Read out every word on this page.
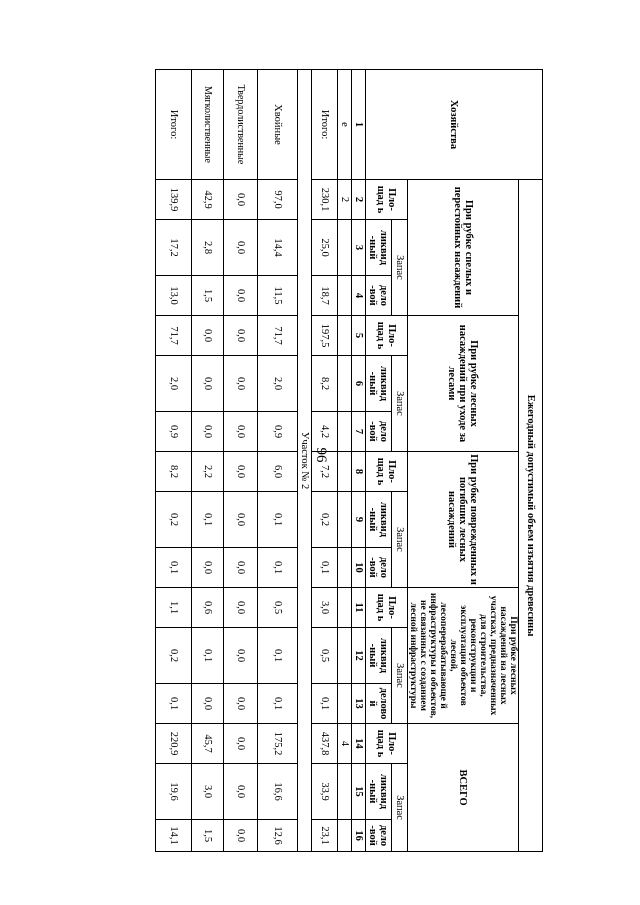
Хозяйства	Ежегодный допустимый объем изъятия древесины														
	При рубке спелых и перестойных насаждений			При рубке лесных насаждений при уходе за лесами			При рубке поврежденных и погибших лесных насаждений			При рубке лесных насаждений на лесных участках, предназначенных для строительства, реконструкции и эксплуатации объектов лесной, лесоперерабатывающе й инфраструктуры и объектов, не связанных с созданием лесной инфраструктуры			ВСЕГО		
	Пло-щад ь	Запас		Пло-щад ь	Запас		Пло-щад ь	Запас		Пло-щад ь	Запас		Пло-щад ь	Запас	
		ликвид -ный	дело -вой		ликвид -ный	дело -вой		ликвид -ный	дело -вой		ликвид -ный	делово й		ликвид -ный	дело -вой
1	2	3	4	5	6	7	8	9	10	11	12	13	14	15	16
е	2												4		
Итого:	230,1	25,0	18,7	197,5	8,2	4,2	7,2	0,2	0,1	3,0	0,5	0,1	437,8	33,9	23,1
Участок № 2															
Хвойные	97,0	14,4	11,5	71,7	2,0	0,9	6,0	0,1	0,1	0,5	0,1	0,1	175,2	16,6	12,6
Твердолиственные	0,0	0,0	0,0	0,0	0,0	0,0	0,0	0,0	0,0	0,0	0,0	0,0	0,0	0,0	0,0
Мягколиственные	42,9	2,8	1,5	0,0	0,0	0,0	2,2	0,1	0,0	0,6	0,1	0,0	45,7	3,0	1,5
Итого:	139,9	17,2	13,0	71,7	2,0	0,9	8,2	0,2	0,1	1,1	0,2	0,1	220,9	19,6	14,1
96
